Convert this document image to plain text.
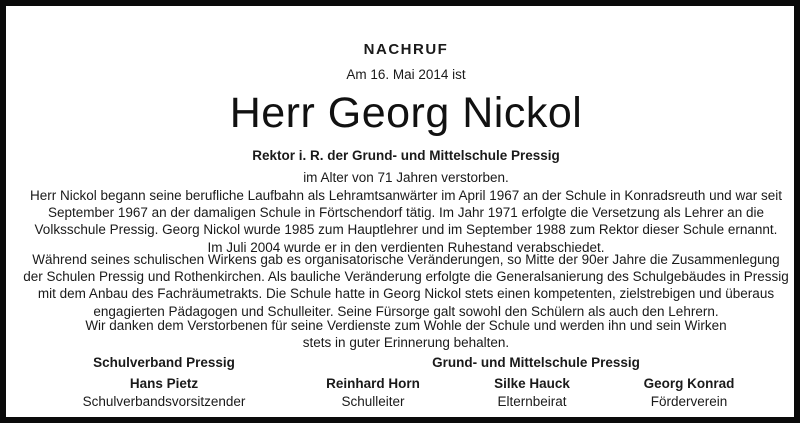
NACHRUF
Am 16. Mai 2014 ist
Herr Georg Nickol
Rektor i. R. der Grund- und Mittelschule Pressig
im Alter von 71 Jahren verstorben.
Herr Nickol begann seine berufliche Laufbahn als Lehramtsanwärter im April 1967 an der Schule in Konradsreuth und war seit
September 1967 an der damaligen Schule in Förtschendorf tätig. Im Jahr 1971 erfolgte die Versetzung als Lehrer an die
Volksschule Pressig. Georg Nickol wurde 1985 zum Hauptlehrer und im September 1988 zum Rektor dieser Schule ernannt.
Im Juli 2004 wurde er in den verdienten Ruhestand verabschiedet.
Während seines schulischen Wirkens gab es organisatorische Veränderungen, so Mitte der 90er Jahre die Zusammenlegung
der Schulen Pressig und Rothenkirchen. Als bauliche Veränderung erfolgte die Generalsanierung des Schulgebäudes in Pressig
mit dem Anbau des Fachräumetrakts. Die Schule hatte in Georg Nickol stets einen kompetenten, zielstrebigen und überaus
engagierten Pädagogen und Schulleiter. Seine Fürsorge galt sowohl den Schülern als auch den Lehrern.
Wir danken dem Verstorbenen für seine Verdienste zum Wohle der Schule und werden ihn und sein Wirken
stets in guter Erinnerung behalten.
Schulverband Pressig	Grund- und Mittelschule Pressig
Hans Pietz
Schulverbandsvorsitzender
Reinhard Horn
Schulleiter
Silke Hauck
Elternbeirat
Georg Konrad
Förderverein
